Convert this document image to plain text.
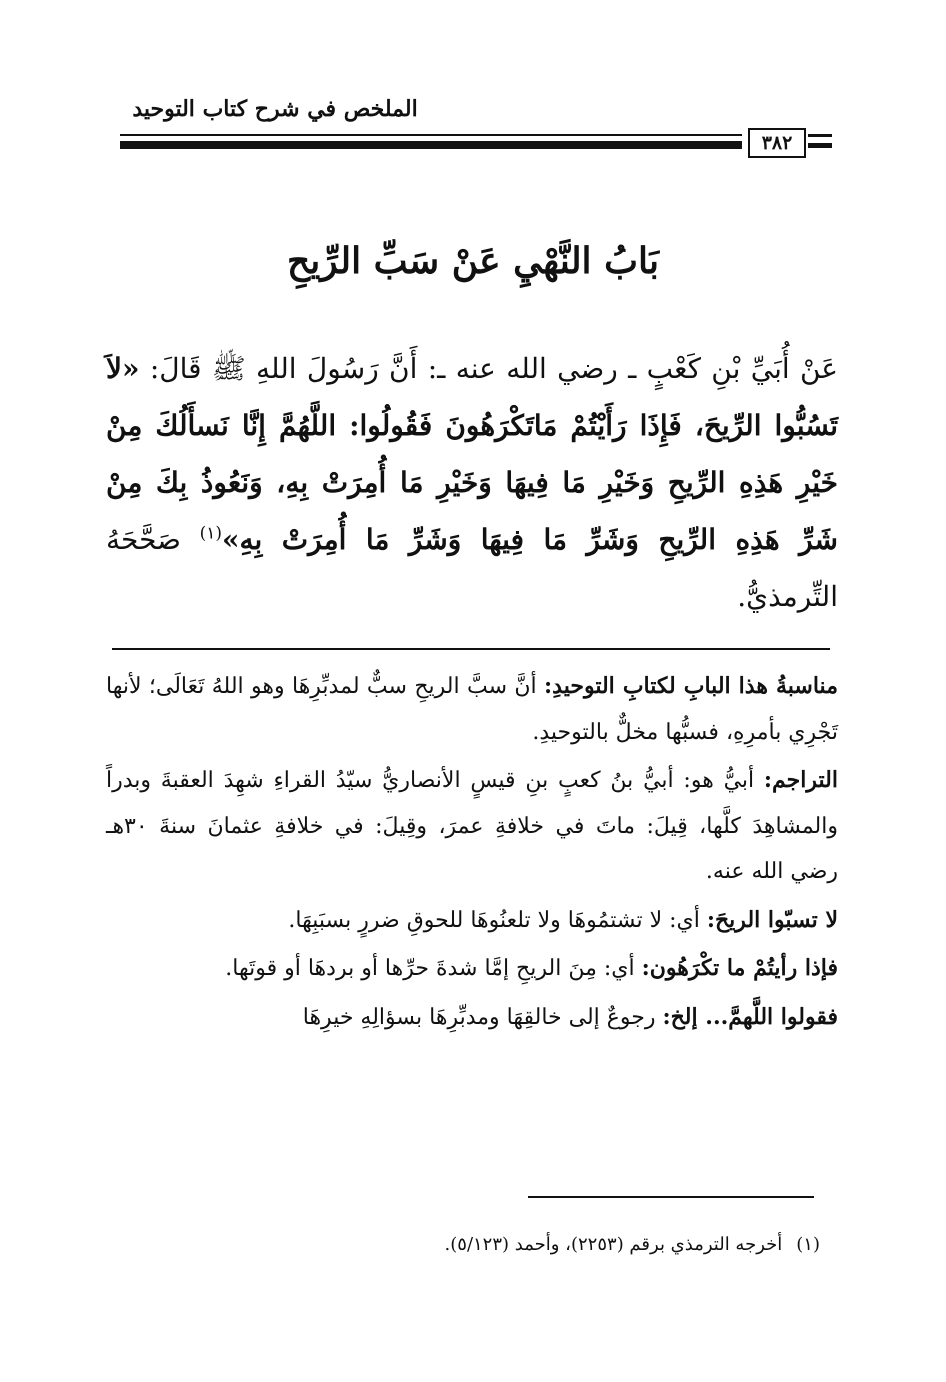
الملخص في شرح كتاب التوحيد
٣٨٢
بَابُ النَّهْيِ عَنْ سَبِّ الرِّيحِ
عَنْ أُبَيِّ بْنِ كَعْبٍ ـ رضي الله عنه ـ: أَنَّ رَسُولَ اللهِ ﷺ قَالَ: «لاَ تَسُبُّوا الرِّيحَ، فَإِذَا رَأَيْتُمْ مَاتَكْرَهُونَ فَقُولُوا: اللَّهُمَّ إِنَّا نَسأَلُكَ مِنْ خَيْرِ هَذِهِ الرِّيحِ وَخَيْرِ مَا فِيهَا وَخَيْرِ مَا أُمِرَتْ بِهِ، وَنَعُوذُ بِكَ مِنْ شَرِّ هَذِهِ الرِّيحِ وَشَرِّ مَا فِيهَا وَشَرِّ مَا أُمِرَتْ بِهِ»$^{(١)}$ صَحَّحَهُ التِّرمذيُّ.

مناسبةُ هذا البابِ لكتابِ التوحيدِ: أنَّ سبَّ الريحِ سبٌّ لمدبِّرِهَا وهو اللهُ تَعَالَى؛ لأنها تَجْرِي بأمرِهِ، فسبُّها مخلٌّ بالتوحيدِ.

التراجم: أبيُّ هو: أبيُّ بنُ كعبٍ بنِ قيسٍ الأنصاريُّ سيّدُ القراءِ شهِدَ العقبةَ وبدراً والمشاهِدَ كلَّها، قِيلَ: ماتَ في خلافةِ عمرَ، وقِيلَ: في خلافةِ عثمانَ سنةَ ٣٠هـ رضي الله عنه.

لا تسبّوا الريحَ: أي: لا تشتمُوهَا ولا تلعنُوهَا للحوقِ ضررٍ بسبَبِهَا.

فإذا رأيتُمْ ما تكْرَهُون: أي: مِنَ الريحِ إمَّا شدةَ حرِّها أو بردهَا أو قوتَها.

فقولوا اللَّهمَّ... إلخ: رجوعٌ إلى خالقِهَا ومدبِّرِهَا بسؤالِهِ خيرِهَا

(١)أخرجه الترمذي برقم (٢٢٥٣)، وأحمد (٥/١٢٣).
